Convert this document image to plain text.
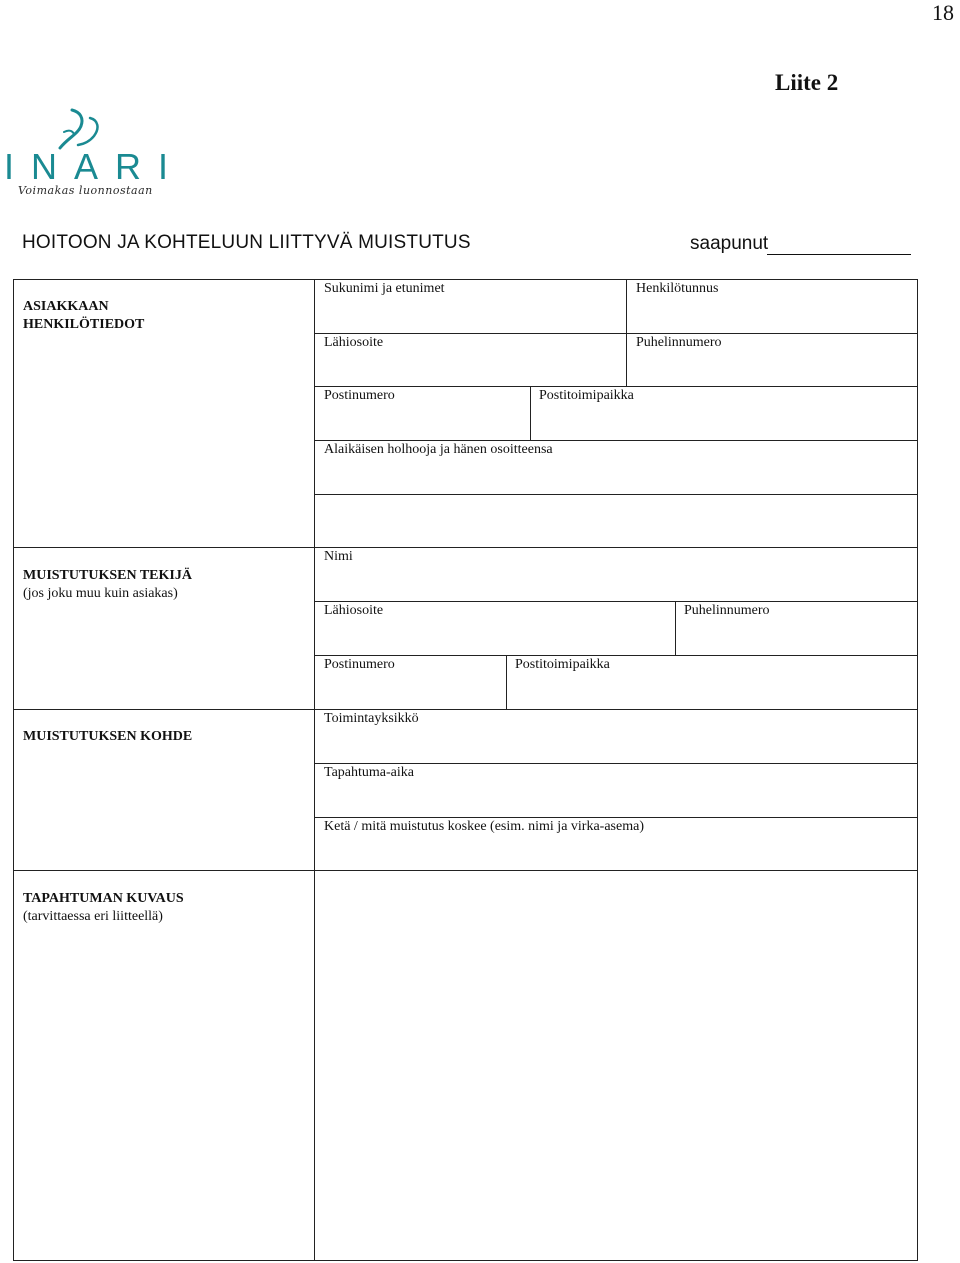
18
Liite 2
INARI
Voimakas luonnostaan
HOITOON JA KOHTELUUN LIITTYVÄ MUISTUTUS	saapunut
ASIAKKAAN
HENKILÖTIEDOT
Sukunimi ja etunimet	Henkilötunnus
Lähiosoite	Puhelinnumero
Postinumero	Postitoimipaikka
Alaikäisen holhooja ja hänen osoitteensa
MUISTUTUKSEN TEKIJÄ
(jos joku muu kuin asiakas)
Nimi
Lähiosoite	Puhelinnumero
Postinumero	Postitoimipaikka
MUISTUTUKSEN KOHDE
Toimintayksikkö
Tapahtuma-aika
Ketä / mitä muistutus koskee (esim. nimi ja virka-asema)
TAPAHTUMAN KUVAUS
(tarvittaessa eri liitteellä)
